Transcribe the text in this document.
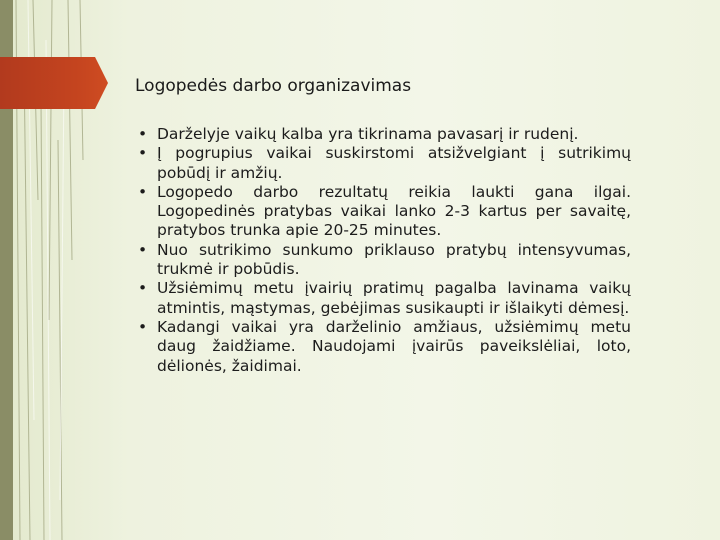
Logopedės darbo organizavimas
• Darželyje vaikų kalba yra tikrinama pavasarį ir rudenį.
• Į pogrupius vaikai suskirstomi atsižvelgiant į sutrikimų pobūdį ir amžių.
• Logopedo darbo rezultatų reikia laukti gana ilgai. Logopedinės pratybas vaikai lanko 2-3 kartus per savaitę, pratybos trunka apie 20-25 minutes.
• Nuo sutrikimo sunkumo priklauso pratybų intensyvumas, trukmė ir pobūdis.
• Užsiėmimų metu įvairių pratimų pagalba lavinama vaikų atmintis, mąstymas, gebėjimas susikaupti ir išlaikyti dėmesį.
• Kadangi vaikai yra darželinio amžiaus, užsiėmimų metu daug žaidžiame. Naudojami įvairūs paveikslėliai, loto, dėlionės, žaidimai.
